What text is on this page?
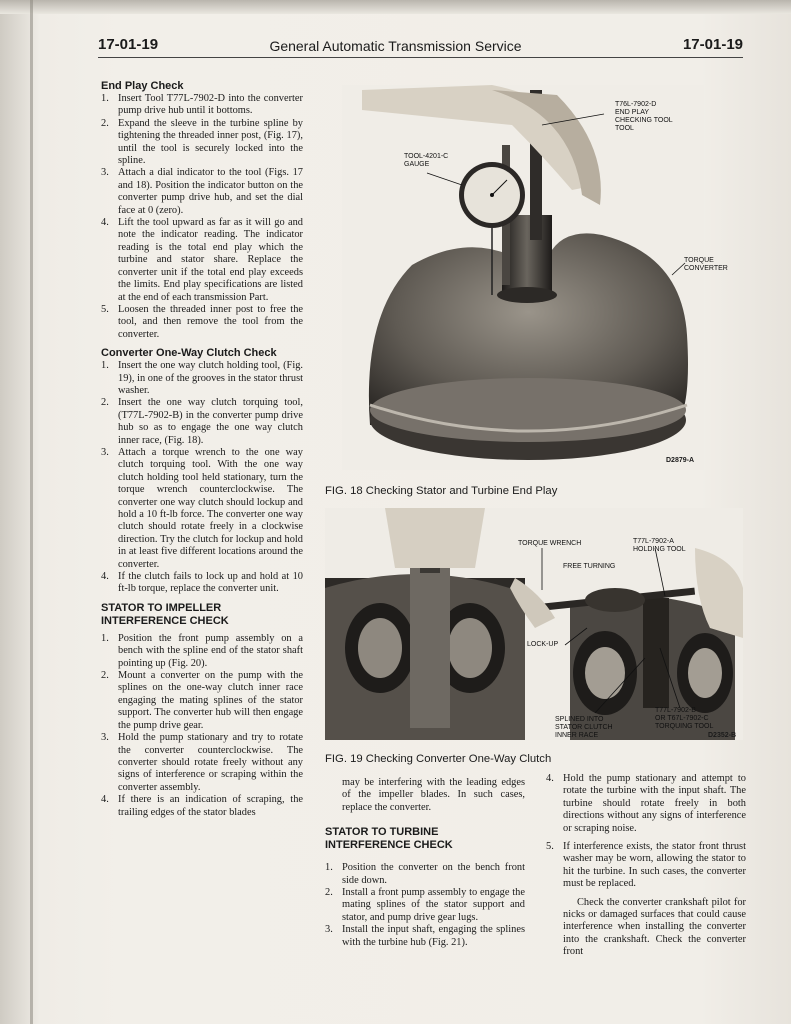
17-01-19	General Automatic Transmission Service	17-01-19

End Play Check

1. Insert Tool T77L-7902-D into the converter pump drive hub until it bottoms.
2. Expand the sleeve in the turbine spline by tightening the threaded inner post, (Fig. 17), until the tool is securely locked into the spline.
3. Attach a dial indicator to the tool (Figs. 17 and 18). Position the indicator button on the converter pump drive hub, and set the dial face at 0 (zero).
4. Lift the tool upward as far as it will go and note the indicator reading. The indicator reading is the total end play which the turbine and stator share. Replace the converter unit if the total end play exceeds the limits. End play specifications are listed at the end of each transmission Part.
5. Loosen the threaded inner post to free the tool, and then remove the tool from the converter.

Converter One-Way Clutch Check

1. Insert the one way clutch holding tool, (Fig. 19), in one of the grooves in the stator thrust washer.
2. Insert the one way clutch torquing tool, (T77L-7902-B) in the converter pump drive hub so as to engage the one way clutch inner race, (Fig. 18).
3. Attach a torque wrench to the one way clutch torquing tool. With the one way clutch holding tool held stationary, turn the torque wrench counterclockwise. The converter one way clutch should lockup and hold a 10 ft-lb force. The converter one way clutch should rotate freely in a clockwise direction. Try the clutch for lockup and hold in at least five different locations around the converter.
4. If the clutch fails to lock up and hold at 10 ft-lb torque, replace the converter unit.

STATOR TO IMPELLER

INTERFERENCE CHECK

1. Position the front pump assembly on a bench with the spline end of the stator shaft pointing up (Fig. 20).
2. Mount a converter on the pump with the splines on the one-way clutch inner race engaging the mating splines of the stator support. The converter hub will then engage the pump drive gear.
3. Hold the pump stationary and try to rotate the converter counterclockwise. The converter should rotate freely without any signs of interference or scraping within the converter assembly.
4. If there is an indication of scraping, the trailing edges of the stator blades
T76L-7902-D
END PLAY
CHECKING TOOL
TOOL
TOOL-4201-C
GAUGE
TORQUE
CONVERTER
D2879-A
FIG. 18 Checking Stator and Turbine End Play
TORQUE WRENCH
FREE TURNING
T77L-7902-A
HOLDING TOOL
LOCK-UP
SPLINED INTO
STATOR CLUTCH
INNER RACE
T77L-7902-B
OR T67L-7902-C
TORQUING TOOL
D2352-B
FIG. 19 Checking Converter One-Way Clutch

may be interfering with the leading edges of the impeller blades. In such cases, replace the converter.

STATOR TO TURBINE

INTERFERENCE CHECK

1. Position the converter on the bench front side down.
2. Install a front pump assembly to engage the mating splines of the stator support and stator, and pump drive gear lugs.
3. Install the input shaft, engaging the splines with the turbine hub (Fig. 21).
4. Hold the pump stationary and attempt to rotate the turbine with the input shaft. The turbine should rotate freely in both directions without any signs of interference or scraping noise.
5. If interference exists, the stator front thrust washer may be worn, allowing the stator to hit the turbine. In such cases, the converter must be replaced.

Check the converter crankshaft pilot for nicks or damaged surfaces that could cause interference when installing the converter into the crankshaft. Check the converter front
